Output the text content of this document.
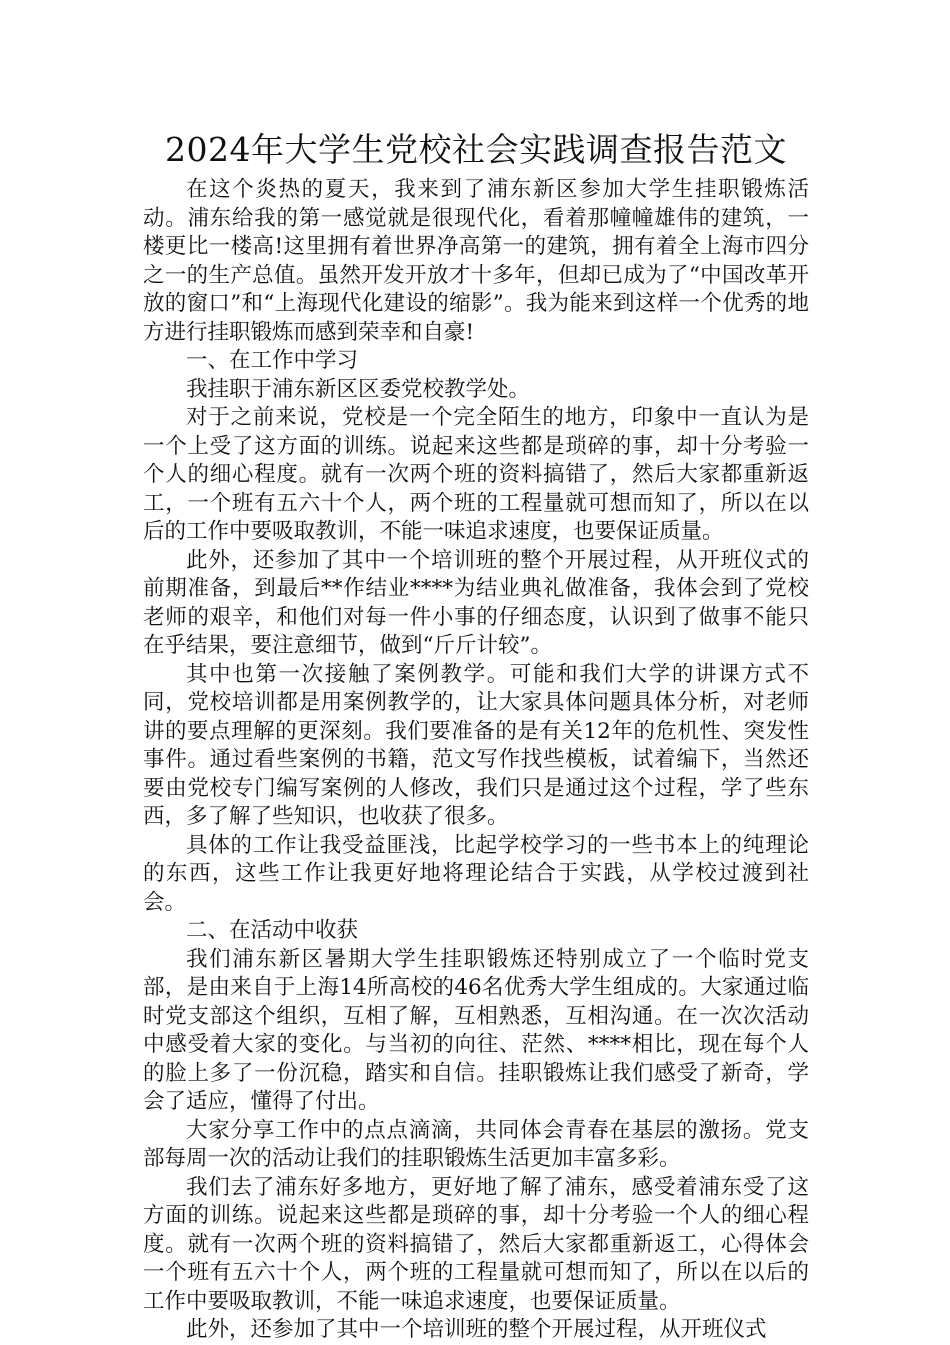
2024年大学生党校社会实践调查报告范文

在这个炎热的夏天，我来到了浦东新区参加大学生挂职锻炼活动。浦东给我的第一感觉就是很现代化，看着那幢幢雄伟的建筑，一楼更比一楼高!这里拥有着世界净高第一的建筑，拥有着全上海市四分之一的生产总值。虽然开发开放才十多年，但却已成为了“中国改革开放的窗口”和“上海现代化建设的缩影”。我为能来到这样一个优秀的地方进行挂职锻炼而感到荣幸和自豪!

一、在工作中学习

我挂职于浦东新区区委党校教学处。

对于之前来说，党校是一个完全陌生的地方，印象中一直认为是一个上受了这方面的训练。说起来这些都是琐碎的事，却十分考验一个人的细心程度。就有一次两个班的资料搞错了，然后大家都重新返工，一个班有五六十个人，两个班的工程量就可想而知了，所以在以后的工作中要吸取教训，不能一味追求速度，也要保证质量。

此外，还参加了其中一个培训班的整个开展过程，从开班仪式的前期准备，到最后**作结业****为结业典礼做准备，我体会到了党校老师的艰辛，和他们对每一件小事的仔细态度，认识到了做事不能只在乎结果，要注意细节，做到“斤斤计较”。

其中也第一次接触了案例教学。可能和我们大学的讲课方式不同，党校培训都是用案例教学的，让大家具体问题具体分析，对老师讲的要点理解的更深刻。我们要准备的是有关12年的危机性、突发性事件。通过看些案例的书籍，范文写作找些模板，试着编下，当然还要由党校专门编写案例的人修改，我们只是通过这个过程，学了些东西，多了解了些知识，也收获了很多。

具体的工作让我受益匪浅，比起学校学习的一些书本上的纯理论的东西，这些工作让我更好地将理论结合于实践，从学校过渡到社会。

二、在活动中收获

我们浦东新区暑期大学生挂职锻炼还特别成立了一个临时党支部，是由来自于上海14所高校的46名优秀大学生组成的。大家通过临时党支部这个组织，互相了解，互相熟悉，互相沟通。在一次次活动中感受着大家的变化。与当初的向往、茫然、****相比，现在每个人的脸上多了一份沉稳，踏实和自信。挂职锻炼让我们感受了新奇，学会了适应，懂得了付出。

大家分享工作中的点点滴滴，共同体会青春在基层的激扬。党支部每周一次的活动让我们的挂职锻炼生活更加丰富多彩。

我们去了浦东好多地方，更好地了解了浦东，感受着浦东受了这方面的训练。说起来这些都是琐碎的事，却十分考验一个人的细心程度。就有一次两个班的资料搞错了，然后大家都重新返工，心得体会一个班有五六十个人，两个班的工程量就可想而知了，所以在以后的工作中要吸取教训，不能一味追求速度，也要保证质量。

此外，还参加了其中一个培训班的整个开展过程，从开班仪式
